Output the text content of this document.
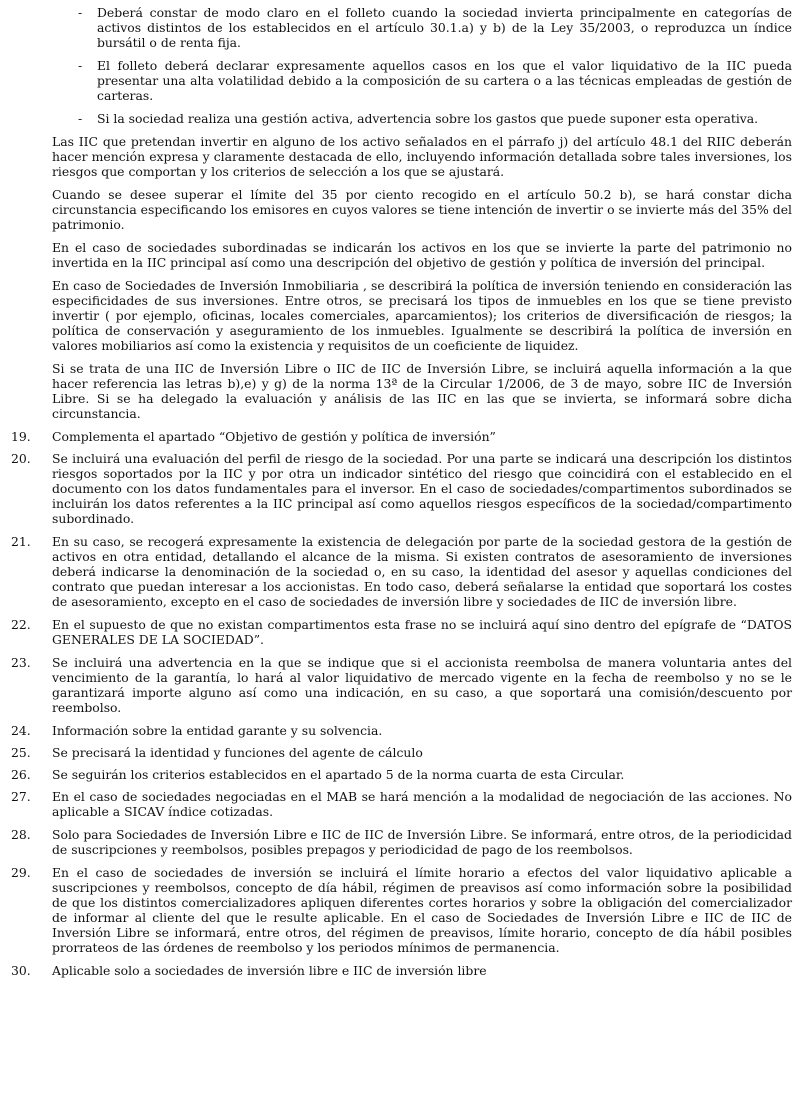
- Deberá constar de modo claro en el folleto cuando la sociedad invierta principalmente en categorías de activos distintos de los establecidos en el artículo 30.1.a) y b) de la Ley 35/2003, o reproduzca un índice bursátil o de renta fija.

- El folleto deberá declarar expresamente aquellos casos en los que el valor liquidativo de la IIC pueda presentar una alta volatilidad debido a la composición de su cartera o a las técnicas empleadas de gestión de carteras.

- Si la sociedad realiza una gestión activa, advertencia sobre los gastos que puede suponer esta operativa.

Las IIC que pretendan invertir en alguno de los activo señalados en el párrafo j) del artículo 48.1 del RIIC deberán hacer mención expresa y claramente destacada de ello, incluyendo información detallada sobre tales inversiones, los riesgos que comportan y los criterios de selección a los que se ajustará.

Cuando se desee superar el límite del 35 por ciento recogido en el artículo 50.2 b), se hará constar dicha circunstancia especificando los emisores en cuyos valores se tiene intención de invertir o se invierte más del 35% del patrimonio.

En el caso de sociedades subordinadas se indicarán los activos en los que se invierte la parte del patrimonio no invertida en la IIC principal así como una descripción del objetivo de gestión y política de inversión del principal.

En caso de Sociedades de Inversión Inmobiliaria , se describirá la política de inversión teniendo en consideración las especificidades de sus inversiones. Entre otros, se precisará los tipos de inmuebles en los que se tiene previsto invertir ( por ejemplo, oficinas, locales comerciales, aparcamientos); los criterios de diversificación de riesgos; la política de conservación y aseguramiento de los inmuebles. Igualmente se describirá la política de inversión en valores mobiliarios así como la existencia y requisitos de un coeficiente de liquidez.

Si se trata de una IIC de Inversión Libre o IIC de IIC de Inversión Libre, se incluirá aquella información a la que hacer referencia las letras b),e) y g) de la norma 13ª de la Circular 1/2006, de 3 de mayo, sobre IIC de Inversión Libre. Si se ha delegado la evaluación y análisis de las IIC en las que se invierta, se informará sobre dicha circunstancia.

19. Complementa el apartado “Objetivo de gestión y política de inversión”

20. Se incluirá una evaluación del perfil de riesgo de la sociedad. Por una parte se indicará una descripción los distintos riesgos soportados por la IIC y por otra un indicador sintético del riesgo que coincidirá con el establecido en el documento con los datos fundamentales para el inversor. En el caso de sociedades/compartimentos subordinados se incluirán los datos referentes a la IIC principal así como aquellos riesgos específicos de la sociedad/compartimento subordinado.

21. En su caso, se recogerá expresamente la existencia de delegación por parte de la sociedad gestora de la gestión de activos en otra entidad, detallando el alcance de la misma. Si existen contratos de asesoramiento de inversiones deberá indicarse la denominación de la sociedad o, en su caso, la identidad del asesor y aquellas condiciones del contrato que puedan interesar a los accionistas. En todo caso, deberá señalarse la entidad que soportará los costes de asesoramiento, excepto en el caso de sociedades de inversión libre y sociedades de IIC de inversión libre.

22. En el supuesto de que no existan compartimentos esta frase no se incluirá aquí sino dentro del epígrafe de “DATOS GENERALES DE LA SOCIEDAD”.

23. Se incluirá una advertencia en la que se indique que si el accionista reembolsa de manera voluntaria antes del vencimiento de la garantía, lo hará al valor liquidativo de mercado vigente en la fecha de reembolso y no se le garantizará importe alguno así como una indicación, en su caso, a que soportará una comisión/descuento por reembolso.

24. Información sobre la entidad garante y su solvencia.

25. Se precisará la identidad y funciones del agente de cálculo

26. Se seguirán los criterios establecidos en el apartado 5 de la norma cuarta de esta Circular.

27. En el caso de sociedades negociadas en el MAB se hará mención a la modalidad de negociación de las acciones. No aplicable a SICAV índice cotizadas.

28. Solo para Sociedades de Inversión Libre e IIC de IIC de Inversión Libre. Se informará, entre otros, de la periodicidad de suscripciones y reembolsos, posibles prepagos y periodicidad de pago de los reembolsos.

29. En el caso de sociedades de inversión se incluirá el límite horario a efectos del valor liquidativo aplicable a suscripciones y reembolsos, concepto de día hábil, régimen de preavisos así como información sobre la posibilidad de que los distintos comercializadores apliquen diferentes cortes horarios y sobre la obligación del comercializador de informar al cliente del que le resulte aplicable. En el caso de Sociedades de Inversión Libre e IIC de IIC de Inversión Libre se informará, entre otros, del régimen de preavisos, límite horario, concepto de día hábil posibles prorrateos de las órdenes de reembolso y los periodos mínimos de permanencia.

30. Aplicable solo a sociedades de inversión libre e IIC de inversión libre
